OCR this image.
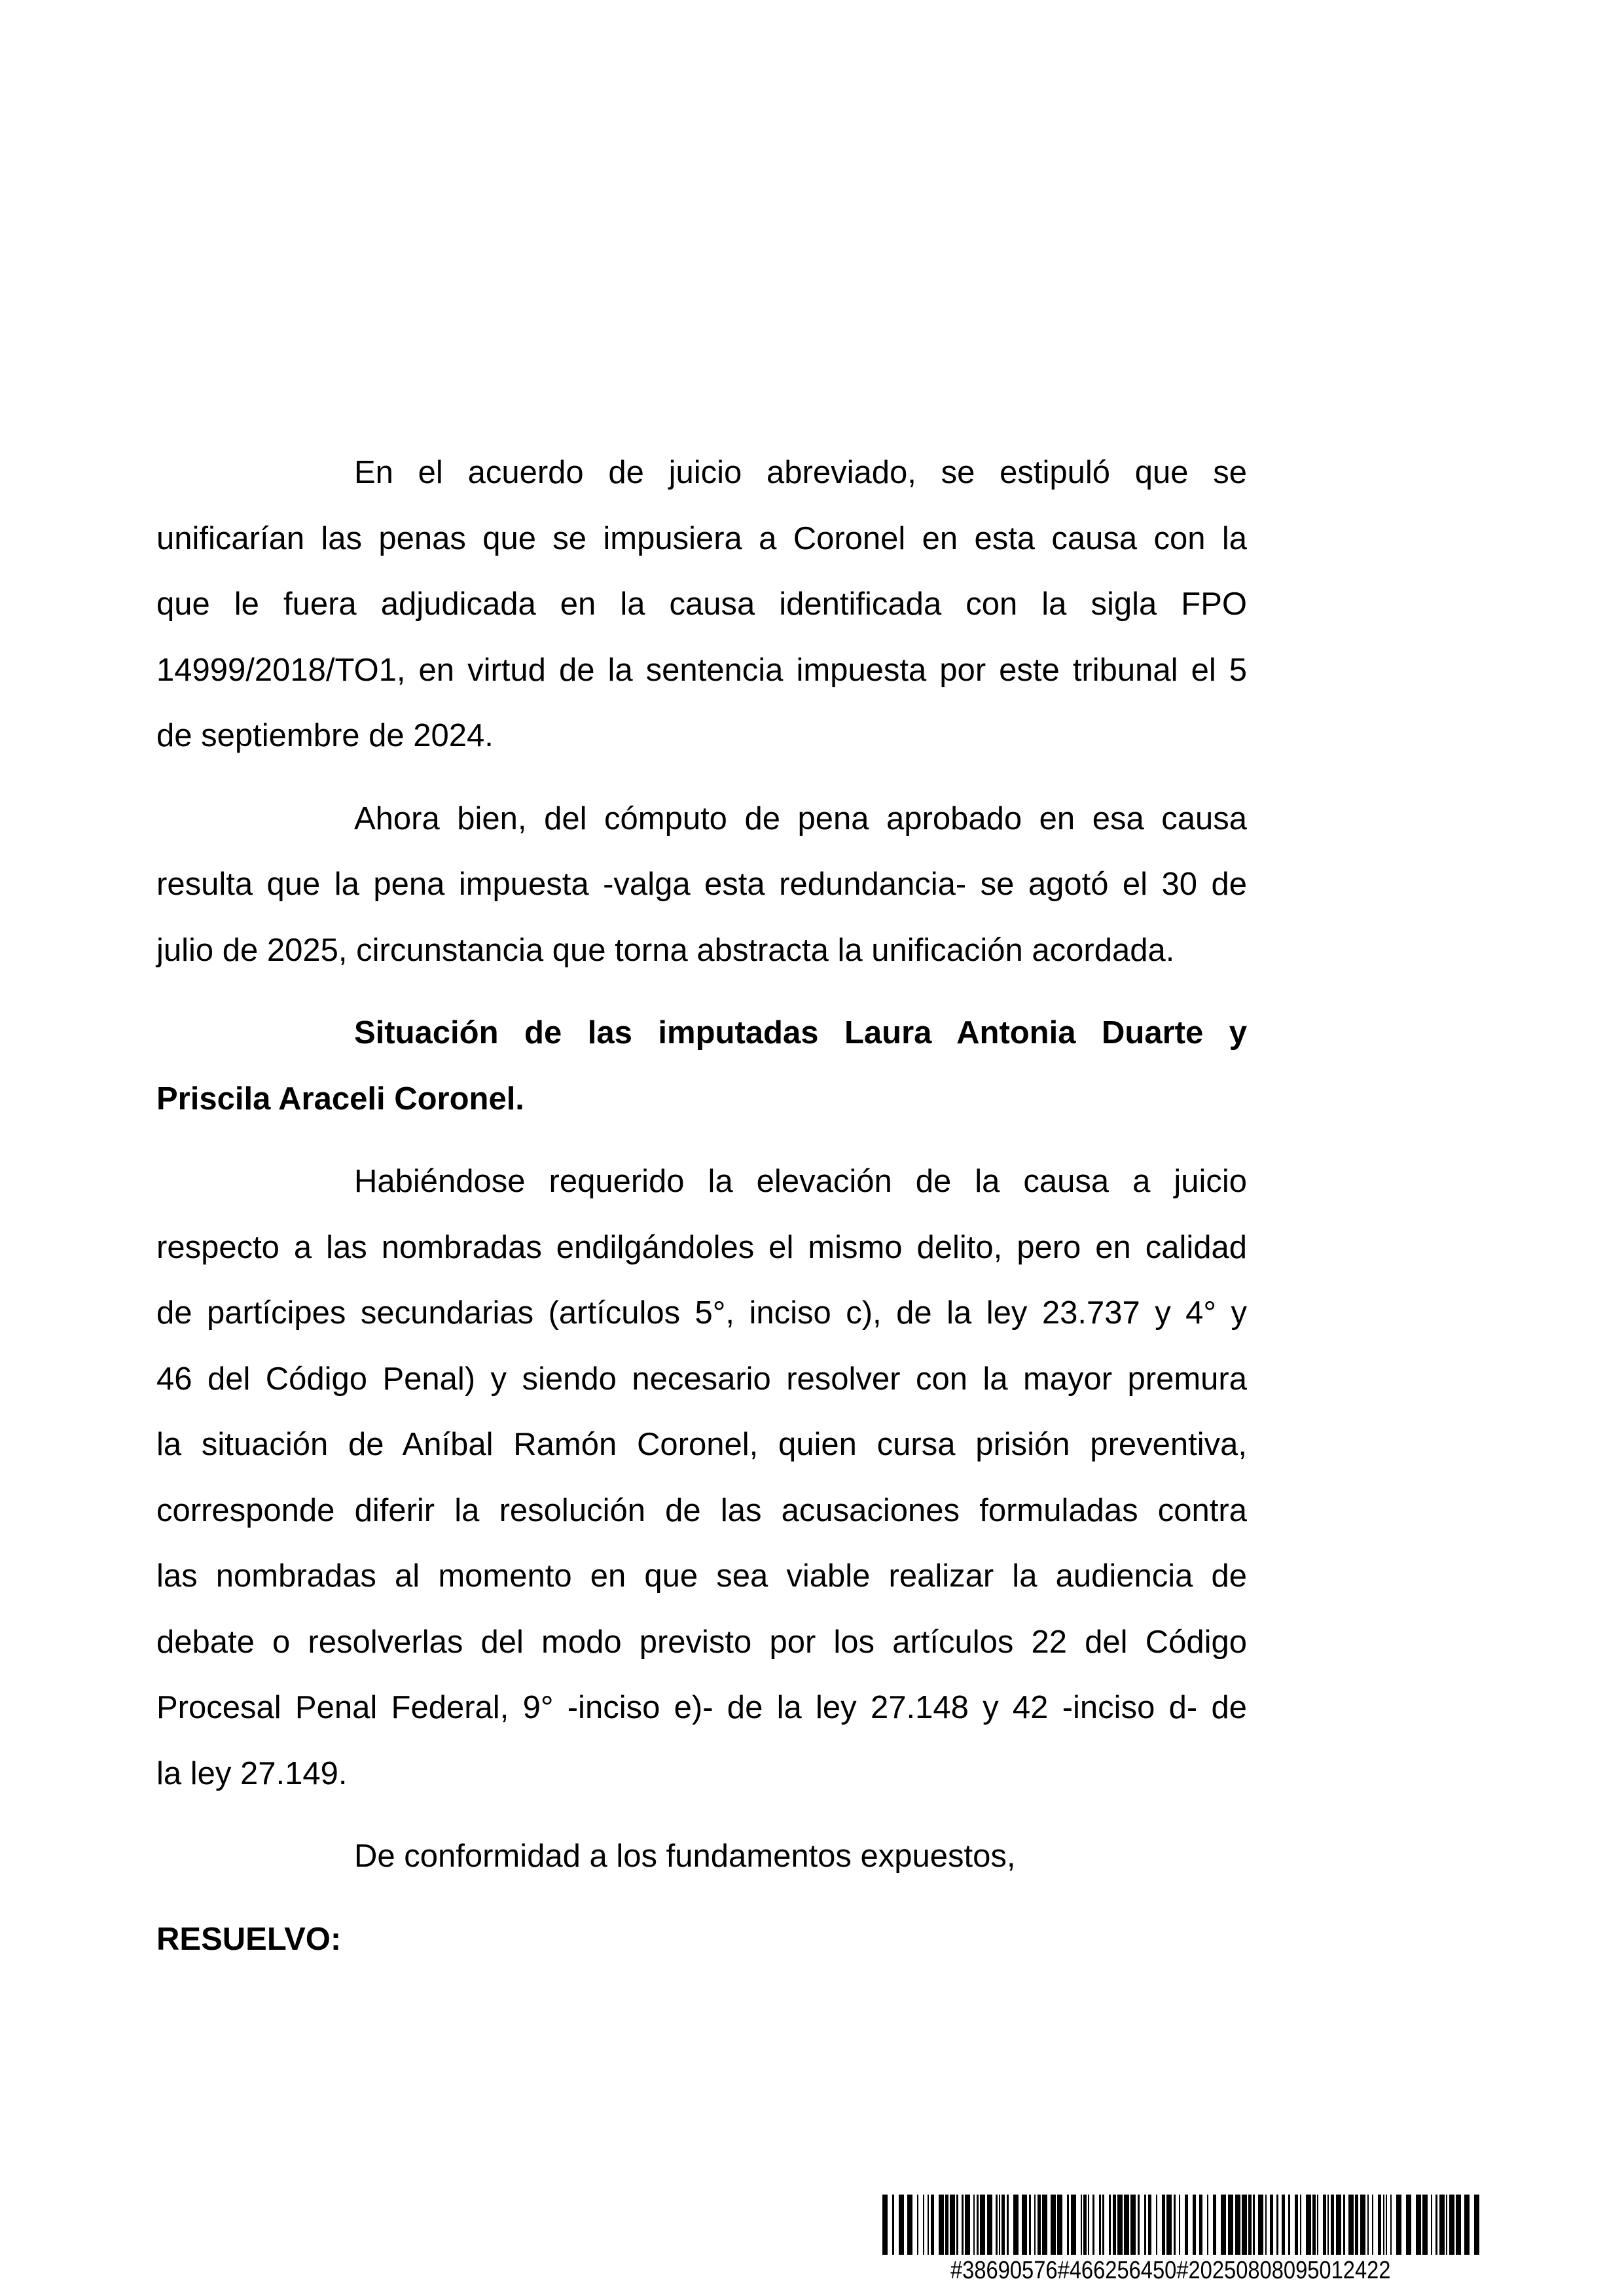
En el acuerdo de juicio abreviado, se estipuló que se
unificarían las penas que se impusiera a Coronel en esta causa con la
que le fuera adjudicada en la causa identificada con la sigla FPO
14999/2018/TO1, en virtud de la sentencia impuesta por este tribunal el 5
de septiembre de 2024.
Ahora bien, del cómputo de pena aprobado en esa causa
resulta que la pena impuesta -valga esta redundancia- se agotó el 30 de
julio de 2025, circunstancia que torna abstracta la unificación acordada.
Situación de las imputadas Laura Antonia Duarte y
Priscila Araceli Coronel.
Habiéndose requerido la elevación de la causa a juicio
respecto a las nombradas endilgándoles el mismo delito, pero en calidad
de partícipes secundarias (artículos 5°, inciso c), de la ley 23.737 y 4° y
46 del Código Penal) y siendo necesario resolver con la mayor premura
la situación de Aníbal Ramón Coronel, quien cursa prisión preventiva,
corresponde diferir la resolución de las acusaciones formuladas contra
las nombradas al momento en que sea viable realizar la audiencia de
debate o resolverlas del modo previsto por los artículos 22 del Código
Procesal Penal Federal, 9° -inciso e)- de la ley 27.148 y 42 -inciso d- de
la ley 27.149.
De conformidad a los fundamentos expuestos,
RESUELVO:
#38690576#466256450#20250808095012422
